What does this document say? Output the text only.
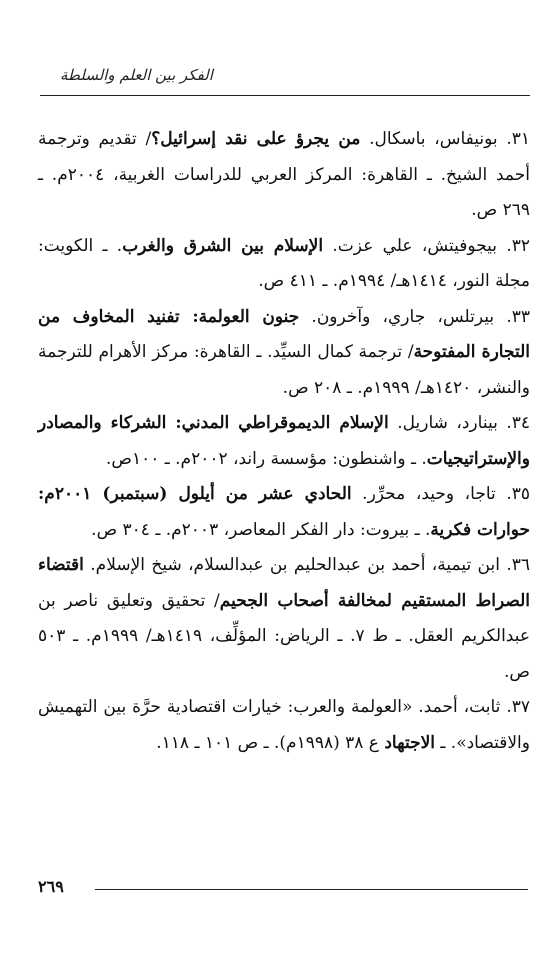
الفكر بين العلم والسلطة

٣١. بونيفاس، باسكال. من يجرؤ على نقد إسرائيل؟/ تقديم وترجمة أحمد الشيخ. ـ القاهرة: المركز العربي للدراسات الغربية، ٢٠٠٤م. ـ ٢٦٩ ص.

٣٢. بيجوفيتش، علي عزت. الإسلام بين الشرق والغرب. ـ الكويت: مجلة النور، ١٤١٤هـ/ ١٩٩٤م. ـ ٤١١ ص.

٣٣. بيرتلس، جاري، وآخرون. جنون العولمة: تفنيد المخاوف من التجارة المفتوحة/ ترجمة كمال السيِّد. ـ القاهرة: مركز الأهرام للترجمة والنشر، ١٤٢٠هـ/ ١٩٩٩م. ـ ٢٠٨ ص.

٣٤. بينارد، شاريل. الإسلام الديموقراطي المدني: الشركاء والمصادر والإستراتيجيات. ـ واشنطون: مؤسسة راند، ٢٠٠٢م. ـ ١٠٠ص.

٣٥. تاجا، وحيد، محرِّر. الحادي عشر من أيلول (سبتمبر) ٢٠٠١م: حوارات فكرية. ـ بيروت: دار الفكر المعاصر، ٢٠٠٣م. ـ ٣٠٤ ص.

٣٦. ابن تيمية، أحمد بن عبدالحليم بن عبدالسلام، شيخ الإسلام. اقتضاء الصراط المستقيم لمخالفة أصحاب الجحيم/ تحقيق وتعليق ناصر بن عبدالكريم العقل. ـ ط ٧. ـ الرياض: المؤلِّف، ١٤١٩هـ/ ١٩٩٩م. ـ ٥٠٣ ص.

٣٧. ثابت، أحمد. «العولمة والعرب: خيارات اقتصادية حرَّة بين التهميش والاقتصاد». ـ الاجتهاد ع ٣٨ (١٩٩٨م). ـ ص ١٠١ ـ ١١٨.

٢٦٩
